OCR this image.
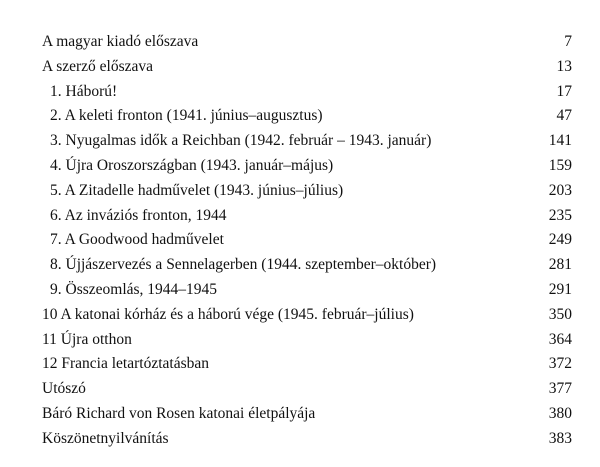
A magyar kiadó előszava	7
A szerző előszava	13
1. Háború!	17
2. A keleti fronton (1941. június–augusztus)	47
3. Nyugalmas idők a Reichban (1942. február – 1943. január)	141
4. Újra Oroszországban (1943. január–május)	159
5. A Zitadelle hadművelet (1943. június–július)	203
6. Az inváziós fronton, 1944	235
7. A Goodwood hadművelet	249
8. Újjászervezés a Sennelagerben (1944. szeptember–október)	281
9. Összeomlás, 1944–1945	291
10 A katonai kórház és a háború vége (1945. február–július)	350
11 Újra otthon	364
12 Francia letartóztatásban	372
Utószó	377
Báró Richard von Rosen katonai életpályája	380
Köszönetnyilvánítás	383
